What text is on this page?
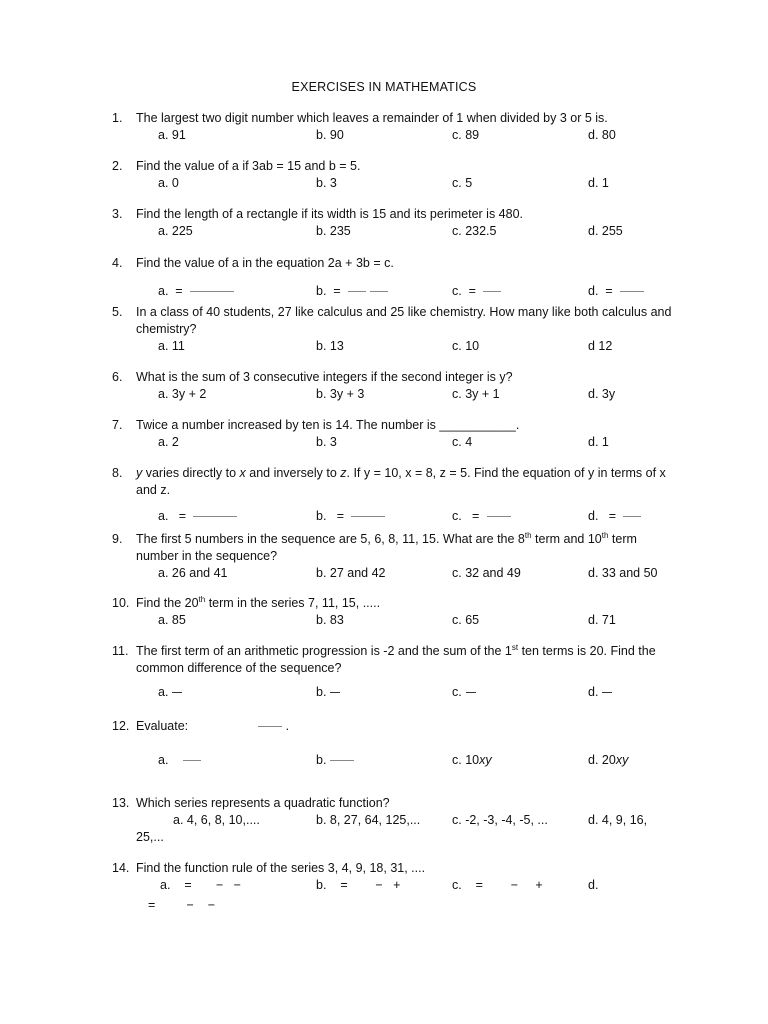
EXERCISES IN MATHEMATICS
1. The largest two digit number which leaves a remainder of 1 when divided by 3 or 5 is.
a. 91	b. 90	c. 89	d. 80
2. Find the value of a if 3ab = 15 and b = 5.
a. 0	b. 3	c. 5	d. 1
3. Find the length of a rectangle if its width is 15 and its perimeter is 480.
a. 225	b. 235	c. 232.5	d. 255
4. Find the value of a in the equation 2a + 3b = c.
a. =	b. =	c. =	d. =
5. In a class of 40 students, 27 like calculus and 25 like chemistry. How many like both calculus and chemistry?
a. 11	b. 13	c. 10	d 12
6. What is the sum of 3 consecutive integers if the second integer is y?
a. 3y + 2	b. 3y + 3	c. 3y + 1	d. 3y
7. Twice a number increased by ten is 14. The number is ___________.
a. 2	b. 3	c. 4	d. 1
8. y varies directly to x and inversely to z. If y = 10, x = 8, z = 5. Find the equation of y in terms of x and z.
a. =	b. =	c. =	d. =
9. The first 5 numbers in the sequence are 5, 6, 8, 11, 15. What are the 8th term and 10th term number in the sequence?
a. 26 and 41	b. 27 and 42	c. 32 and 49	d. 33 and 50
10. Find the 20th term in the series 7, 11, 15, .....
a. 85	b. 83	c. 65	d. 71
11. The first term of an arithmetic progression is -2 and the sum of the 1st ten terms is 20. Find the common difference of the sequence?
a.	b.	c.	d.
12. Evaluate:	.
a.	b.	c. 10xy	d. 20xy
13. Which series represents a quadratic function?
a. 4, 6, 8, 10,....	b. 8, 27, 64, 125,...	c. -2, -3, -4, -5, ...	d. 4, 9, 16,
25,...
14. Find the function rule of the series 3, 4, 9, 18, 31, ....
a.    =       −   −	b.    =        −   +	c.    =        −     +	d.
=         −    −
